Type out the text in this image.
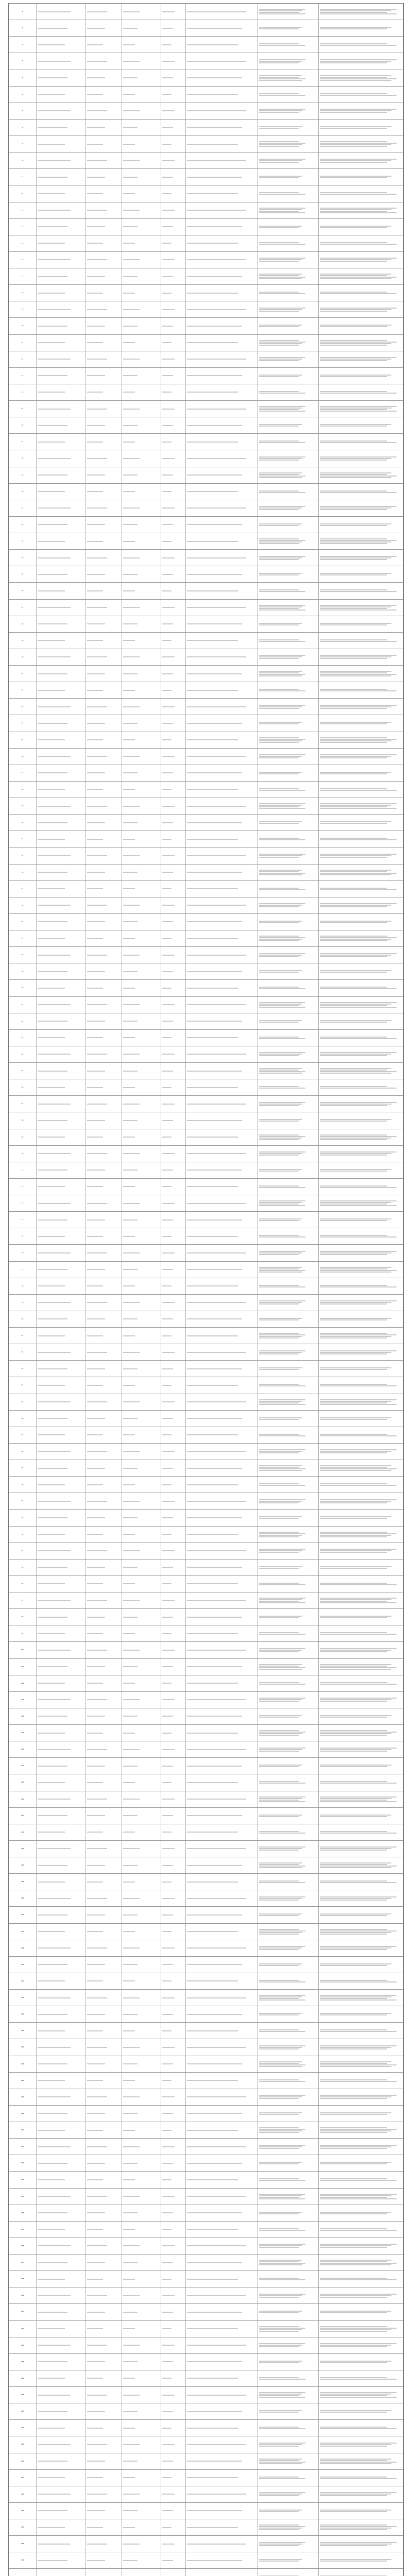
1
2
3
4
5
6
7
8
9
10
11
12
13
14
15
16
17
18
19
20
21
22
23
24
25
26
27
28
29
30
31
32
33
34
35
36
37
38
39
40
41
42
43
44
45
46
47
48
49
50
51
52
53
54
55
56
57
58
59
60
61
62
63
64
65
66
67
68
69
70
71
72
73
74
75
76
77
78
79
80
81
82
83
84
85
86
87
88
89
90
91
92
93
94
95
96
97
98
99
100
101
102
103
104
105
106
107
108
109
110
111
112
113
114
115
116
117
118
119
120
121
122
123
124
125
126
127
128
129
130
131
132
133
134
135
136
137
138
139
140
141
142
143
144
145
146
147
148
149
150
151
152
153
154
155
